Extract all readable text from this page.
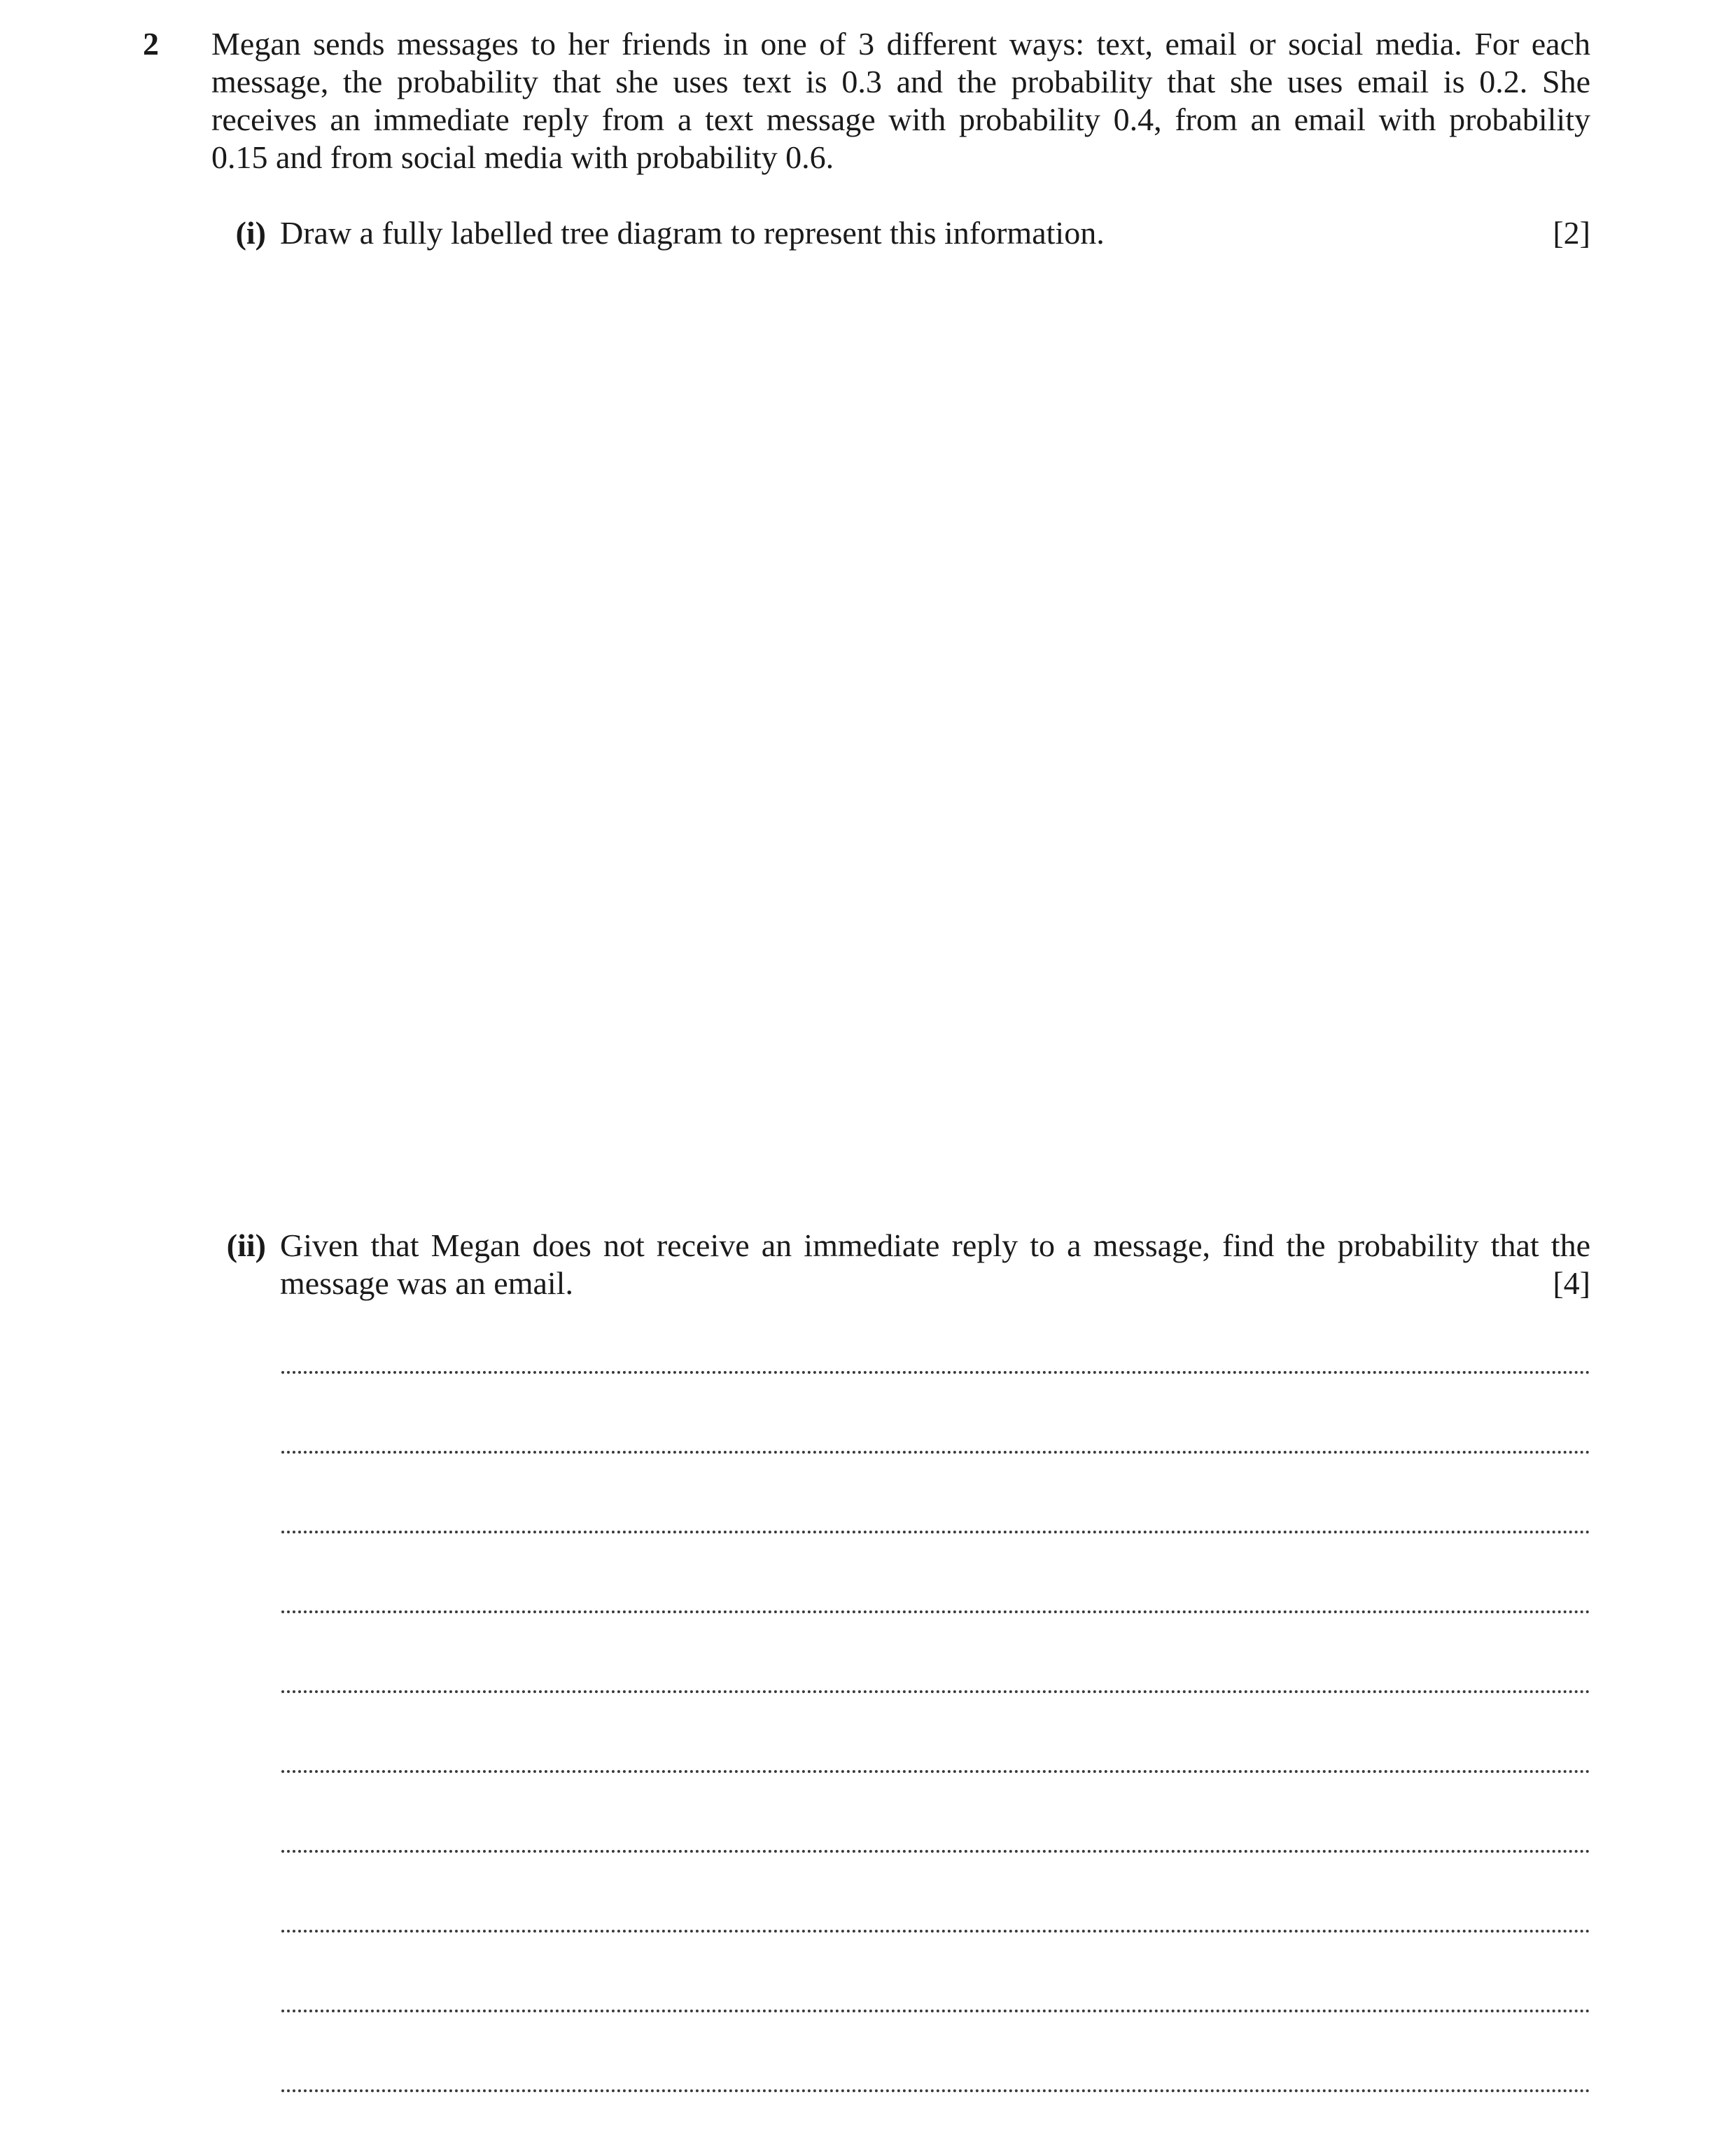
2 Megan sends messages to her friends in one of 3 different ways: text, email or social media. For each
message, the probability that she uses text is 0.3 and the probability that she uses email is 0.2. She
receives an immediate reply from a text message with probability 0.4, from an email with probability
0.15 and from social media with probability 0.6.
(i) Draw a fully labelled tree diagram to represent this information.	[2]
(ii) Given that Megan does not receive an immediate reply to a message, find the probability that the
message was an email.	[4]
